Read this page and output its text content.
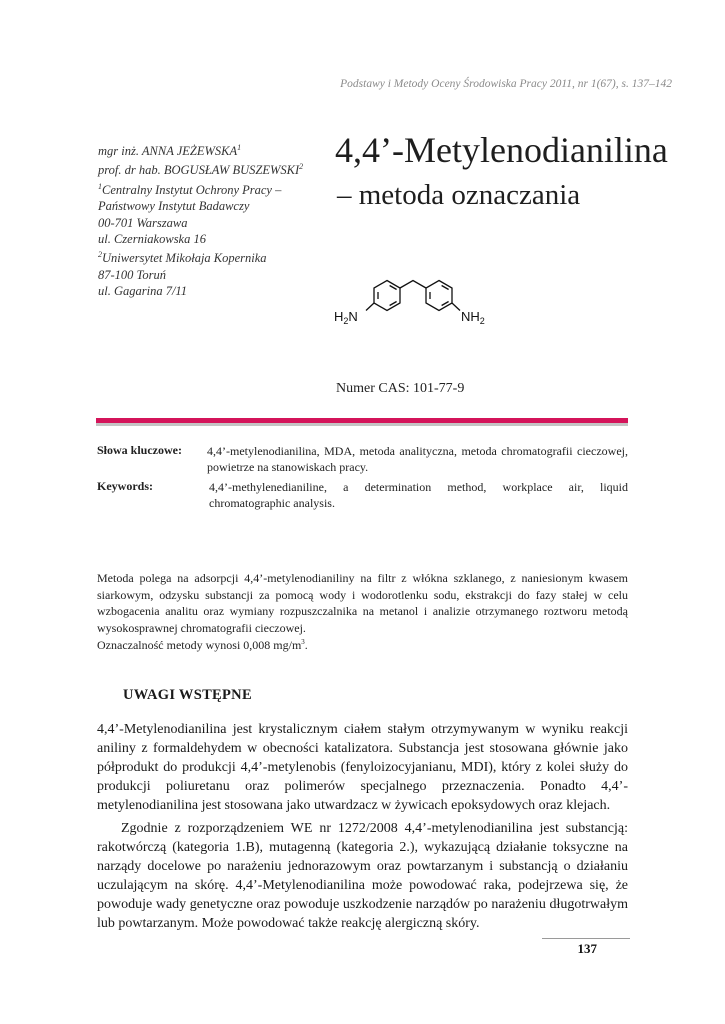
Podstawy i Metody Oceny Środowiska Pracy 2011, nr 1(67), s. 137–142
mgr inż. ANNA JEŻEWSKA$^1$
prof. dr hab. BOGUSŁAW BUSZEWSKI$^2$
$^1$Centralny Instytut Ochrony Pracy –
Państwowy Instytut Badawczy
00-701 Warszawa
ul. Czerniakowska 16
$^2$Uniwersytet Mikołaja Kopernika
87-100 Toruń
ul. Gagarina 7/11
4,4’-Metylenodianilina
– metoda oznaczania
$H_2N$	$NH_2$
Numer CAS: 101-77-9
Słowa kluczowe: 4,4’-metylenodianilina, MDA, metoda analityczna, metoda chromatografii cieczowej, powietrze na stanowiskach pracy.
Keywords:	4,4’-methylenedianiline, a determination method, workplace air, liquid chromatographic analysis.

Metoda polega na adsorpcji 4,4’-metylenodianiliny na filtr z włókna szklanego, z naniesionym kwasem siarkowym, odzysku substancji za pomocą wody i wodorotlenku sodu, ekstrakcji do fazy stałej w celu wzbogacenia analitu oraz wymiany rozpuszczalnika na metanol i analizie otrzymanego roztworu metodą wysokosprawnej chromatografii cieczowej.

Oznaczalność metody wynosi 0,008 $mg/m^3$.
UWAGI WSTĘPNE

4,4’-Metylenodianilina jest krystalicznym ciałem stałym otrzymywanym w wyniku reakcji aniliny z formaldehydem w obecności katalizatora. Substancja jest stosowana głównie jako półprodukt do produkcji 4,4’-metylenobis (fenyloizocyjanianu, MDI), który z kolei służy do produkcji poliuretanu oraz polimerów specjalnego przeznaczenia. Ponadto 4,4’-metylenodianilina jest stosowana jako utwardzacz w żywicach epoksydowych oraz klejach.

Zgodnie z rozporządzeniem WE nr 1272/2008 4,4’-metylenodianilina jest substancją: rakotwórczą (kategoria 1.B), mutagenną (kategoria 2.), wykazującą działanie toksyczne na narządy docelowe po narażeniu jednorazowym oraz powtarzanym i substancją o działaniu uczulającym na skórę. 4,4’-Metylenodianilina może powodować raka, podejrzewa się, że powoduje wady genetyczne oraz powoduje uszkodzenie narządów po narażeniu długotrwałym lub powtarzanym. Może powodować także reakcję alergiczną skóry.

137
